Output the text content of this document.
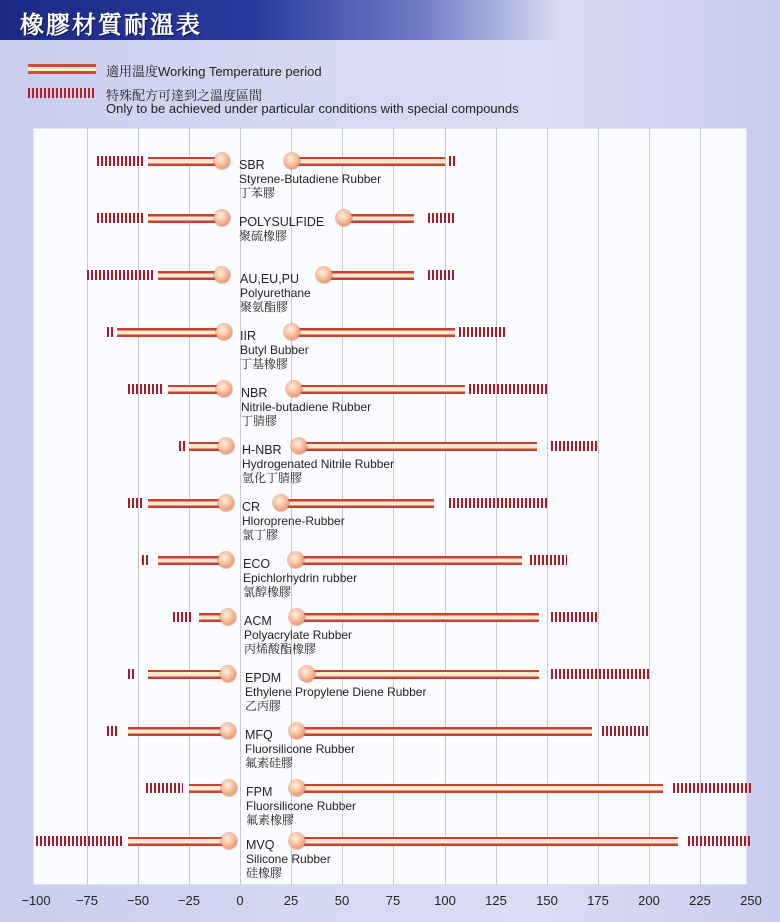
橡膠材質耐溫表
適用溫度Working Temperature period
特殊配方可達到之溫度區間
Only to be achieved under particular conditions with special compounds
SBR
Styrene-Butadiene Rubber
丁苯膠
POLYSULFIDE
聚硫橡膠
AU,EU,PU
Polyurethane
聚氨酯膠
IIR
Butyl Bubber
丁基橡膠
NBR
Nitrile-butadiene Rubber
丁腈膠
H-NBR
Hydrogenated Nitrile Rubber
氫化丁腈膠
CR
Hloroprene-Rubber
氯丁膠
ECO
Epichlorhydrin rubber
氯醇橡膠
ACM
Polyacrylate Rubber
丙烯酸酯橡膠
EPDM
Ethylene Propylene Diene Rubber
乙丙膠
MFQ
Fluorsilicone Rubber
氟素硅膠
FPM
Fluorsilicone Rubber
氟素橡膠
MVQ
Silicone Rubber
硅橡膠
−100 −75 −50 −25	0	25	50	75	100 125 150 175 200 225 250
